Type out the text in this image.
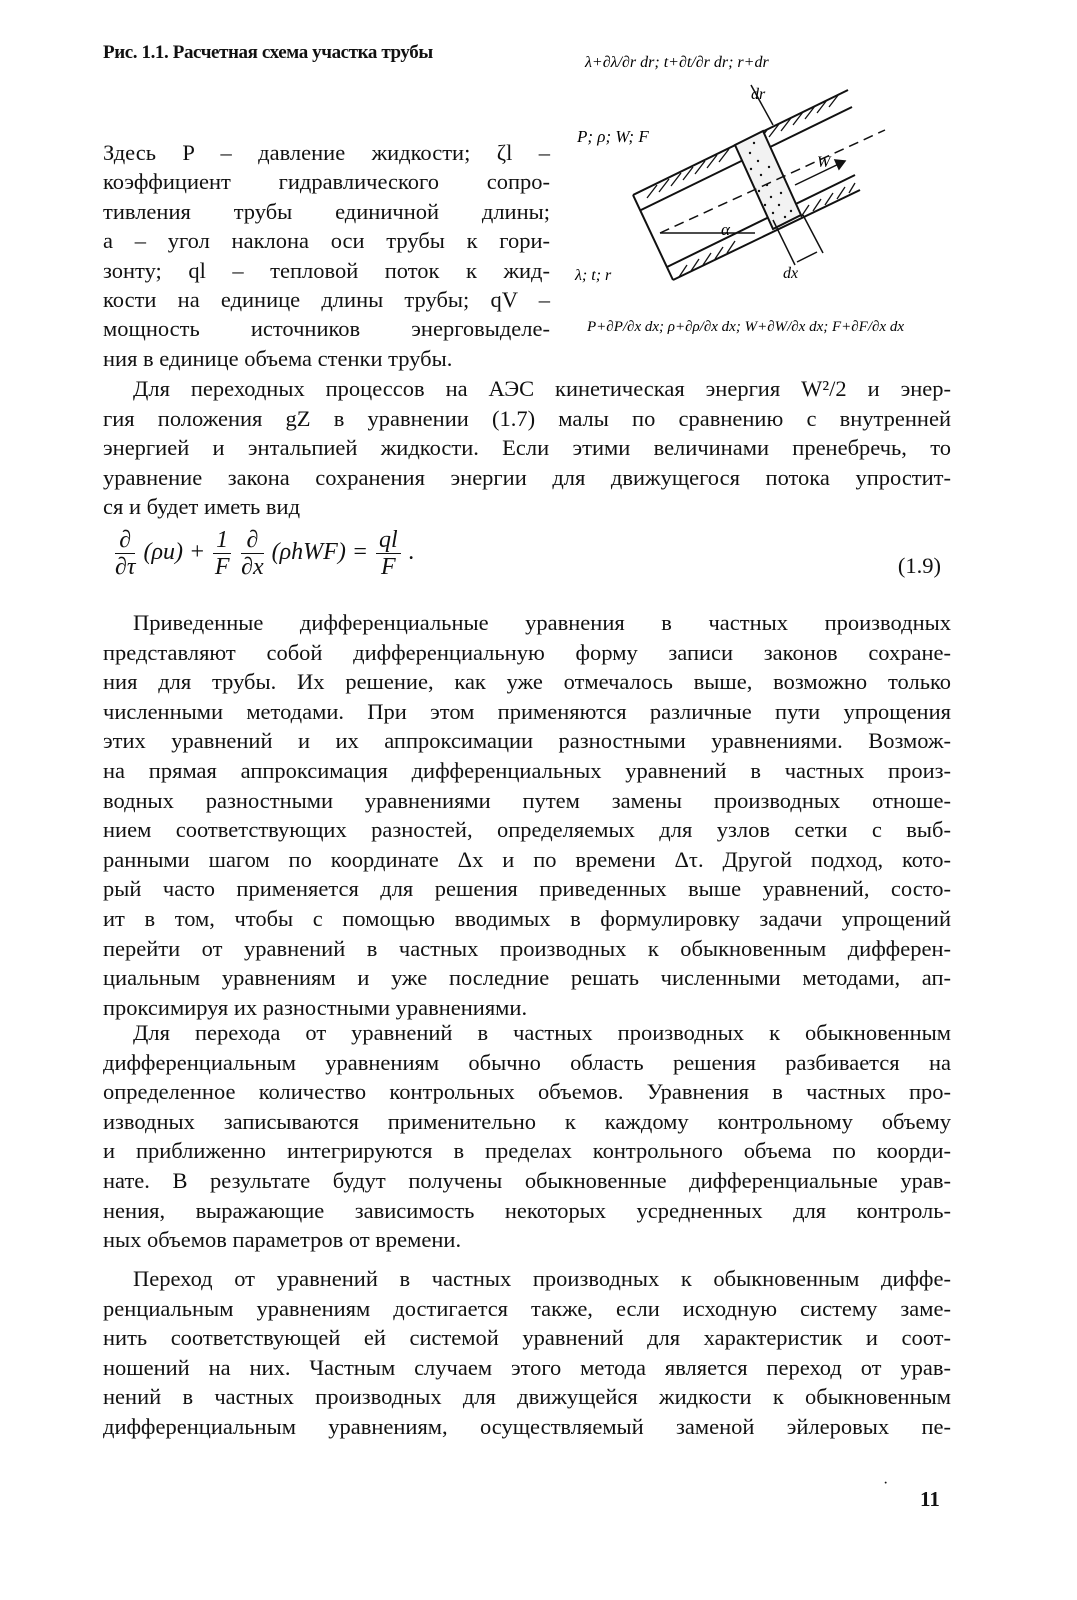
Рис. 1.1. Расчетная схема участка трубы	λ+∂λ/∂r dr; t+∂t/∂r dr; r+dr
dr
P; ρ; W; F
W
α
λ; t; r	dx
P+∂P/∂x dx; ρ+∂ρ/∂x dx; W+∂W/∂x dx; F+∂F/∂x dx
Здесь P – давление жидкости; ζl –
коэффициент гидравлического сопро-
тивления трубы единичной длины;
a – угол наклона оси трубы к гори-
зонту; ql – тепловой поток к жид-
кости на единице длины трубы; qV –
мощность источников энерговыделе-
ния в единице объема стенки трубы.
Для переходных процессов на АЭС кинетическая энергия W²/2 и энер-
гия положения gZ в уравнении (1.7) малы по сравнению с внутренней
энергией и энтальпией жидкости. Если этими величинами пренебречь, то
уравнение закона сохранения энергии для движущегося потока упростит-
ся и будет иметь вид
$\frac{\partial}{\partial\tau} (\rho u) + \frac{1}{F}$
$\frac{\partial}{\partial x} (\rho hWF) = \frac{ql}{F}$ .
(1.9)
Приведенные дифференциальные уравнения в частных производных
представляют собой дифференциальную форму записи законов сохране-
ния для трубы. Их решение, как уже отмечалось выше, возможно только
численными методами. При этом применяются различные пути упрощения
этих уравнений и их аппроксимации разностными уравнениями. Возмож-
на прямая аппроксимация дифференциальных уравнений в частных произ-
водных разностными уравнениями путем замены производных отноше-
нием соответствующих разностей, определяемых для узлов сетки с выб-
ранными шагом по координате Δx и по времени Δτ. Другой подход, кото-
рый часто применяется для решения приведенных выше уравнений, состо-
ит в том, чтобы с помощью вводимых в формулировку задачи упрощений
перейти от уравнений в частных производных к обыкновенным дифферен-
циальным уравнениям и уже последние решать численными методами, ап-
проксимируя их разностными уравнениями.
Для перехода от уравнений в частных производных к обыкновенным
дифференциальным уравнениям обычно область решения разбивается на
определенное количество контрольных объемов. Уравнения в частных про-
изводных записываются применительно к каждому контрольному объему
и приближенно интегрируются в пределах контрольного объема по коорди-
нате. В результате будут получены обыкновенные дифференциальные урав-
нения, выражающие зависимость некоторых усредненных для контроль-
ных объемов параметров от времени.
Переход от уравнений в частных производных к обыкновенным диффе-
ренциальным уравнениям достигается также, если исходную систему заме-
нить соответствующей ей системой уравнений для характеристик и соот-
ношений на них. Частным случаем этого метода является переход от урав-
нений в частных производных для движущейся жидкости к обыкновенным
дифференциальным уравнениям, осуществляемый заменой эйлеровых пе-
·
11
